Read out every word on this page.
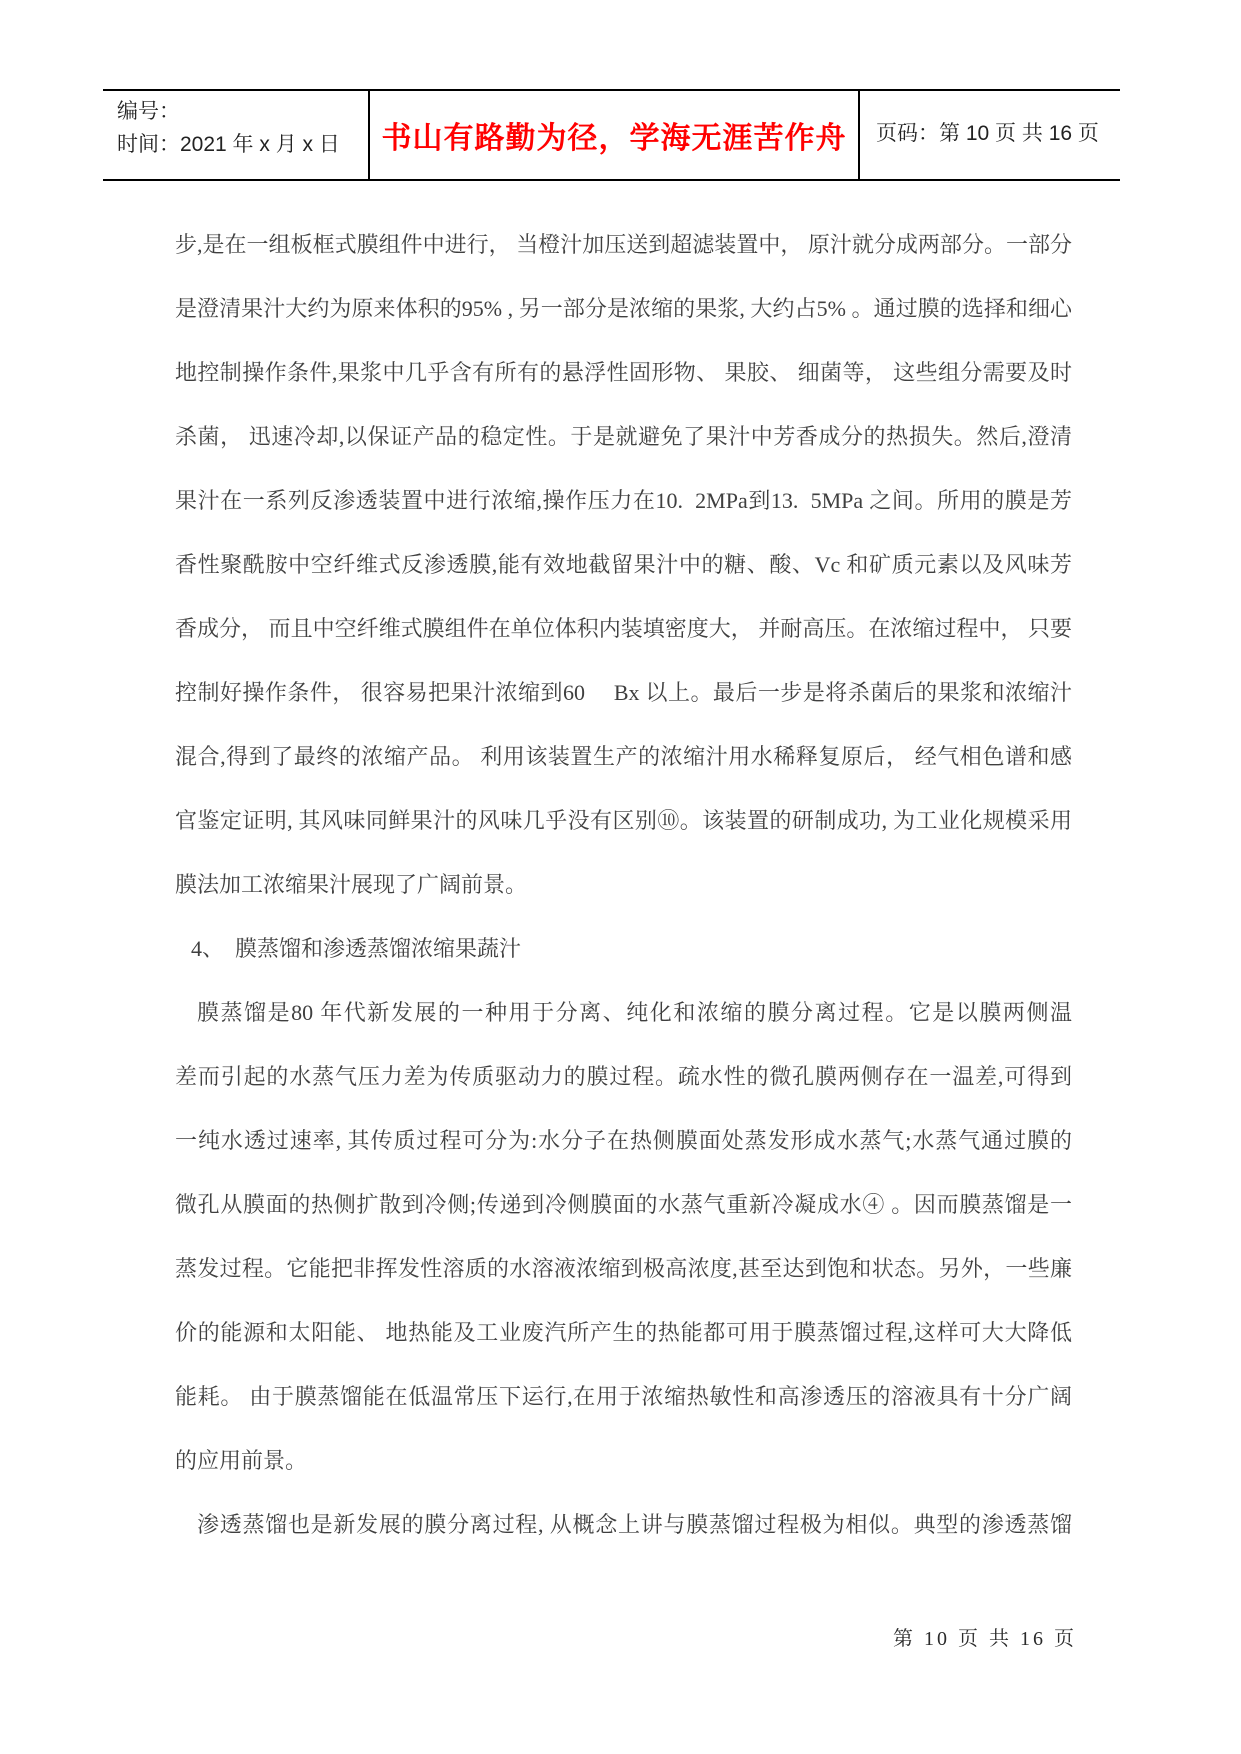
编号：
时间：2021 年 x 月 x 日	书山有路勤为径，学海无涯苦作舟	页码：第 10 页 共 16 页
步,是在一组板框式膜组件中进行， 当橙汁加压送到超滤装置中， 原汁就分成两部分。一部分
是澄清果汁大约为原来体积的95% , 另一部分是浓缩的果浆, 大约占5% 。通过膜的选择和细心
地控制操作条件,果浆中几乎含有所有的悬浮性固形物、 果胶、 细菌等， 这些组分需要及时
杀菌， 迅速冷却,以保证产品的稳定性。于是就避免了果汁中芳香成分的热损失。然后,澄清
果汁在一系列反渗透装置中进行浓缩,操作压力在10.  2MPa到13.  5MPa 之间。所用的膜是芳
香性聚酰胺中空纤维式反渗透膜,能有效地截留果汁中的糖、酸、Vc 和矿质元素以及风味芳
香成分， 而且中空纤维式膜组件在单位体积内装填密度大， 并耐高压。在浓缩过程中， 只要
控制好操作条件， 很容易把果汁浓缩到60　 Bx 以上。最后一步是将杀菌后的果浆和浓缩汁
混合,得到了最终的浓缩产品。 利用该装置生产的浓缩汁用水稀释复原后， 经气相色谱和感
官鉴定证明, 其风味同鲜果汁的风味几乎没有区别⑩。该装置的研制成功, 为工业化规模采用
膜法加工浓缩果汁展现了广阔前景。
4、  膜蒸馏和渗透蒸馏浓缩果蔬汁
膜蒸馏是80 年代新发展的一种用于分离、纯化和浓缩的膜分离过程。它是以膜两侧温
差而引起的水蒸气压力差为传质驱动力的膜过程。疏水性的微孔膜两侧存在一温差,可得到
一纯水透过速率, 其传质过程可分为:水分子在热侧膜面处蒸发形成水蒸气;水蒸气通过膜的
微孔从膜面的热侧扩散到冷侧;传递到冷侧膜面的水蒸气重新冷凝成水④ 。因而膜蒸馏是一
蒸发过程。它能把非挥发性溶质的水溶液浓缩到极高浓度,甚至达到饱和状态。另外，一些廉
价的能源和太阳能、 地热能及工业废汽所产生的热能都可用于膜蒸馏过程,这样可大大降低
能耗。 由于膜蒸馏能在低温常压下运行,在用于浓缩热敏性和高渗透压的溶液具有十分广阔
的应用前景。
渗透蒸馏也是新发展的膜分离过程, 从概念上讲与膜蒸馏过程极为相似。典型的渗透蒸馏
第 10 页 共 16 页
